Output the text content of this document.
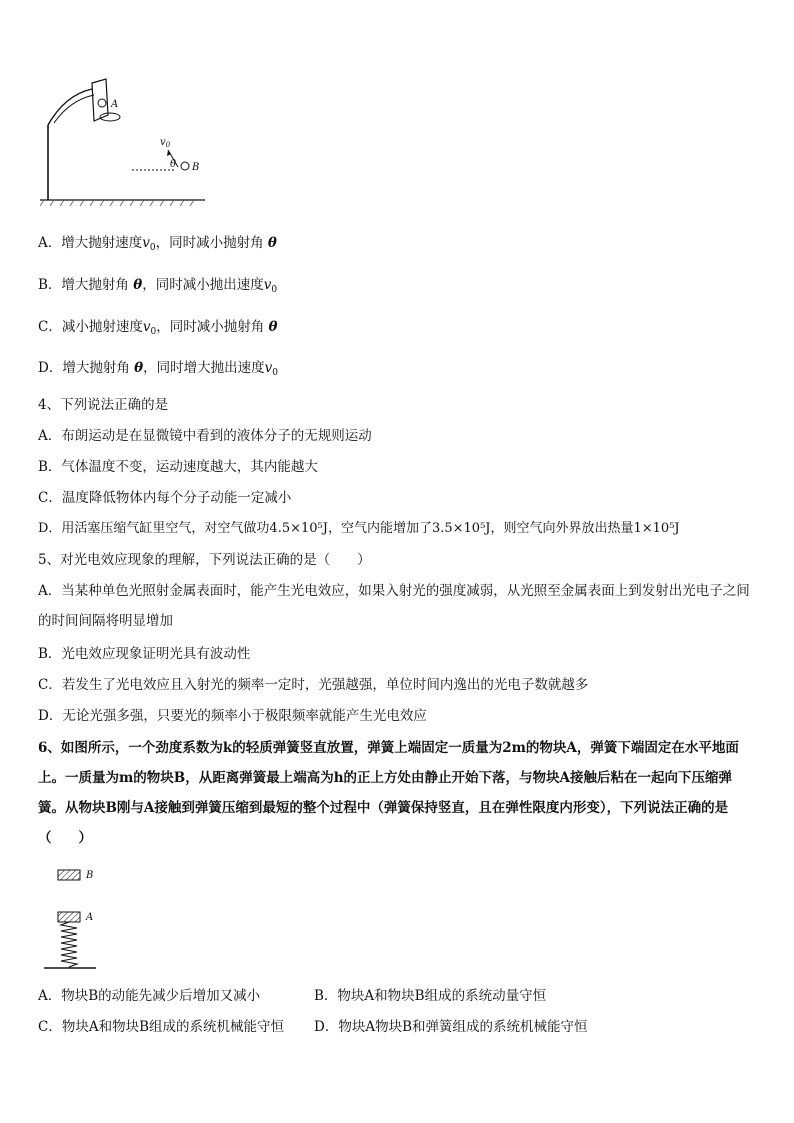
A
$v_0$
θ B
A．增大抛射速度$v_0$，同时减小抛射角 θ
B．增大抛射角 θ，同时减小抛出速度$v_0$
C．减小抛射速度$v_0$，同时减小抛射角 θ
D．增大抛射角 θ，同时增大抛出速度$v_0$
4、下列说法正确的是
A．布朗运动是在显微镜中看到的液体分子的无规则运动
B．气体温度不变，运动速度越大，其内能越大
C．温度降低物体内每个分子动能一定减小
D．用活塞压缩气缸里空气，对空气做功4.5×10⁵J，空气内能增加了3.5×10⁵J，则空气向外界放出热量1×10⁵J
5、对光电效应现象的理解，下列说法正确的是（　　）
A．当某种单色光照射金属表面时，能产生光电效应，如果入射光的强度减弱，从光照至金属表面上到发射出光电子之间的时间间隔将明显增加
B．光电效应现象证明光具有波动性
C．若发生了光电效应且入射光的频率一定时，光强越强，单位时间内逸出的光电子数就越多
D．无论光强多强，只要光的频率小于极限频率就能产生光电效应
6、如图所示，一个劲度系数为k的轻质弹簧竖直放置，弹簧上端固定一质量为2m的物块A，弹簧下端固定在水平地面上。一质量为m的物块B，从距离弹簧最上端高为h的正上方处由静止开始下落，与物块A接触后粘在一起向下压缩弹簧。从物块B刚与A接触到弹簧压缩到最短的整个过程中（弹簧保持竖直，且在弹性限度内形变），下列说法正确的是（　　）
B
A
A．物块B的动能先减少后增加又减小	B．物块A和物块B组成的系统动量守恒
C．物块A和物块B组成的系统机械能守恒 D．物块A物块B和弹簧组成的系统机械能守恒
